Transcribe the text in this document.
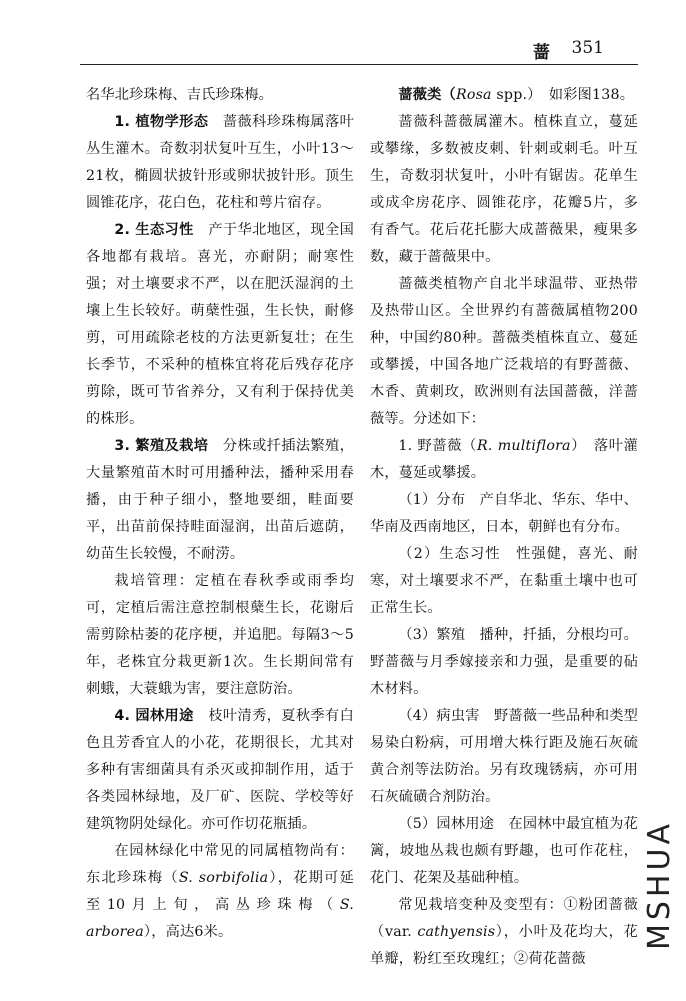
蔷 351

名华北珍珠梅、吉氏珍珠梅。

1. 植物学形态　 蔷薇科珍珠梅属落叶丛生灌木。奇数羽状复叶互生，小叶13～21枚，椭圆状披针形或卵状披针形。顶生圆锥花序，花白色，花柱和萼片宿存。

2. 生态习性　 产于华北地区，现全国各地都有栽培。喜光，亦耐阴；耐寒性强；对土壤要求不严，以在肥沃湿润的土壤上生长较好。萌蘖性强，生长快，耐修剪，可用疏除老枝的方法更新复壮；在生长季节，不采种的植株宜将花后残存花序剪除，既可节省养分，又有利于保持优美的株形。

3. 繁殖及栽培　 分株或扦插法繁殖，大量繁殖苗木时可用播种法，播种采用春播，由于种子细小，整地要细，畦面要平，出苗前保持畦面湿润，出苗后遮荫，幼苗生长较慢，不耐涝。

栽培管理：定植在春秋季或雨季均可，定植后需注意控制根蘖生长，花谢后需剪除枯萎的花序梗，并追肥。每隔3～5年，老株宜分栽更新1次。生长期间常有刺蛾，大蓑蛾为害，要注意防治。

4. 园林用途　 枝叶清秀，夏秋季有白色且芳香宜人的小花，花期很长，尤其对多种有害细菌具有杀灭或抑制作用，适于各类园林绿地，及厂矿、医院、学校等好建筑物阴处绿化。亦可作切花瓶插。

在园林绿化中常见的同属植物尚有：东北珍珠梅（S. sorbifolia），花期可延至10月上旬，高丛珍珠梅（S. arborea），高达6米。

蔷薇类（Rosa spp.）　 如彩图138。

蔷薇科蔷薇属灌木。植株直立，蔓延或攀缘，多数被皮刺、针刺或刺毛。叶互生，奇数羽状复叶，小叶有锯齿。花单生或成伞房花序、圆锥花序，花瓣5片，多有香气。花后花托膨大成蔷薇果，瘦果多数，藏于蔷薇果中。

蔷薇类植物产自北半球温带、亚热带及热带山区。全世界约有蔷薇属植物200种，中国约80种。蔷薇类植株直立、蔓延或攀援，中国各地广泛栽培的有野蔷薇、木香、黄刺玫，欧洲则有法国蔷薇，洋蔷薇等。分述如下：

1. 野蔷薇（R. multiflora）　 落叶灌木，蔓延或攀援。

（1）分布　 产自华北、华东、华中、华南及西南地区，日本，朝鲜也有分布。

（2）生态习性　 性强健，喜光、耐寒，对土壤要求不严，在黏重土壤中也可正常生长。

（3）繁殖　 播种，扦插，分根均可。野蔷薇与月季嫁接亲和力强，是重要的砧木材料。

（4）病虫害　 野蔷薇一些品种和类型易染白粉病，可用增大株行距及施石灰硫黄合剂等法防治。另有玫瑰锈病，亦可用石灰硫磺合剂防治。

（5）园林用途　 在园林中最宜植为花篱，坡地丛栽也颇有野趣，也可作花柱，花门、花架及基础种植。

常见栽培变种及变型有：①粉团蔷薇（var. cathyensis），小叶及花均大，花单瓣，粉红至玫瑰红；②荷花蔷薇

MSHUA
